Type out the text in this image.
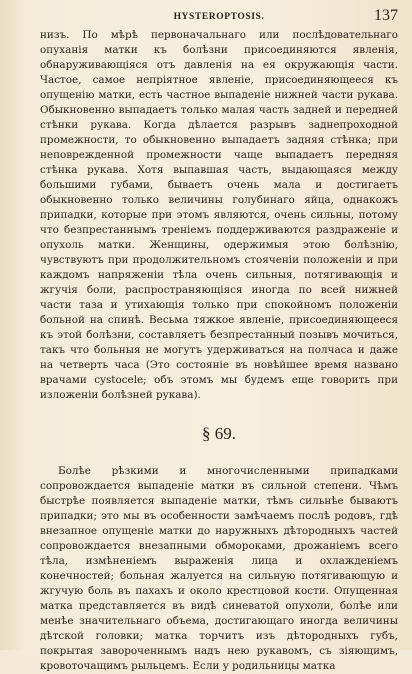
HYSTEROPTOSIS.	137

низъ. По мѣрѣ первоначальнаго или послѣдовательнаго опуханія матки къ болѣзни присоединяются явленія, обнаруживающіяся отъ давленія на ея окружающія части. Частое, самое непріятное явленіе, присоединяющееся къ опущенію матки, есть частное выпаденіе нижней части рукава. Обыкновенно выпадаетъ только малая часть задней и передней стѣнки рукава. Когда дѣлается разрывъ заднепроходной промежности, то обыкновенно выпадаетъ задняя стѣнка; при неповрежденной промежности чаще выпадаетъ передняя стѣнка рукава. Хотя выпавшая часть, выдающаяся между большими губами, бываетъ очень мала и достигаетъ обыкновенно только величины голубинаго яйца, однакожъ припадки, которые при этомъ являются, очень сильны, потому что безпрестаннымъ треніемъ поддерживаются раздраженіе и опухоль матки. Женщины, одержимыя этою болѣзнію, чувствуютъ при продолжительномъ стояченіи положеніи и при каждомъ напряженіи тѣла очень сильныя, потягивающія и жгучія боли, распространяющіяся иногда по всей нижней части таза и утихающія только при спокойномъ положеніи больной на спинѣ. Весьма тяжкое явленіе, присоединяющееся къ этой болѣзни, составляетъ безпрестанный позывъ мочиться, такъ что больныя не могутъ удерживаться на полчаса и даже на четверть часа (Это состояніе въ новѣйшее время названо врачами cystocele; объ этомъ мы будемъ еще говорить при изложеніи болѣзней рукава).

§ 69.

Болѣе рѣзкими и многочисленными припадками сопровождается выпаденіе матки въ сильной степени. Чѣмъ быстрѣе появляется выпаденіе матки, тѣмъ сильнѣе бываютъ припадки; это мы въ особенности замѣчаемъ послѣ родовъ, гдѣ внезапное опущеніе матки до наружныхъ дѣтородныхъ частей сопровождается внезапными обмороками, дрожаніемъ всего тѣла, измѣненіемъ выраженія лица и охлажденіемъ конечностей; больная жалуется на сильную потягивающую и жгучую боль въ пахахъ и около крестцовой кости. Опущенная матка представляется въ видѣ синеватой опухоли, болѣе или менѣе значительнаго объема, достигающаго иногда величины дѣтской головки; матка торчитъ изъ дѣтородныхъ губъ, покрытая завороченнымъ надъ нею рукавомъ, съ зіяющимъ, кровоточащимъ рыльцемъ. Если у родильницы матка
